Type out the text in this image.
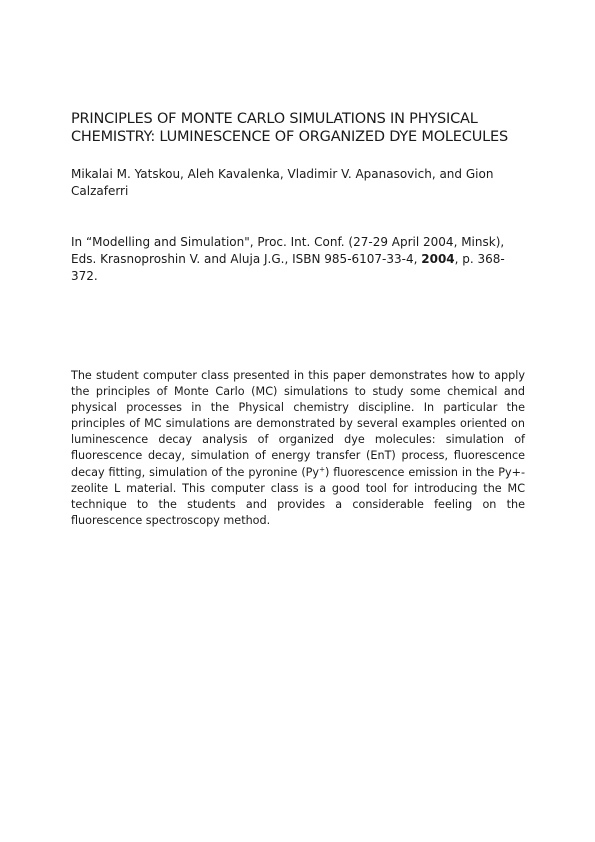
PRINCIPLES OF MONTE CARLO SIMULATIONS IN PHYSICAL CHEMISTRY: LUMINESCENCE OF ORGANIZED DYE MOLECULES

Mikalai M. Yatskou, Aleh Kavalenka, Vladimir V. Apanasovich, and Gion Calzaferri

In “Modelling and Simulation", Proc. Int. Conf. (27-29 April 2004, Minsk), Eds. Krasnoproshin V. and Aluja J.G., ISBN 985-6107-33-4, 2004, p. 368-372.

The student computer class presented in this paper demonstrates how to apply the principles of Monte Carlo (MC) simulations to study some chemical and physical processes in the Physical chemistry discipline. In particular the principles of MC simulations are demonstrated by several examples oriented on luminescence decay analysis of organized dye molecules: simulation of fluorescence decay, simulation of energy transfer (EnT) process, fluorescence decay fitting, simulation of the pyronine (Py+) fluorescence emission in the Py+-zeolite L material. This computer class is a good tool for introducing the MC technique to the students and provides a considerable feeling on the fluorescence spectroscopy method.
